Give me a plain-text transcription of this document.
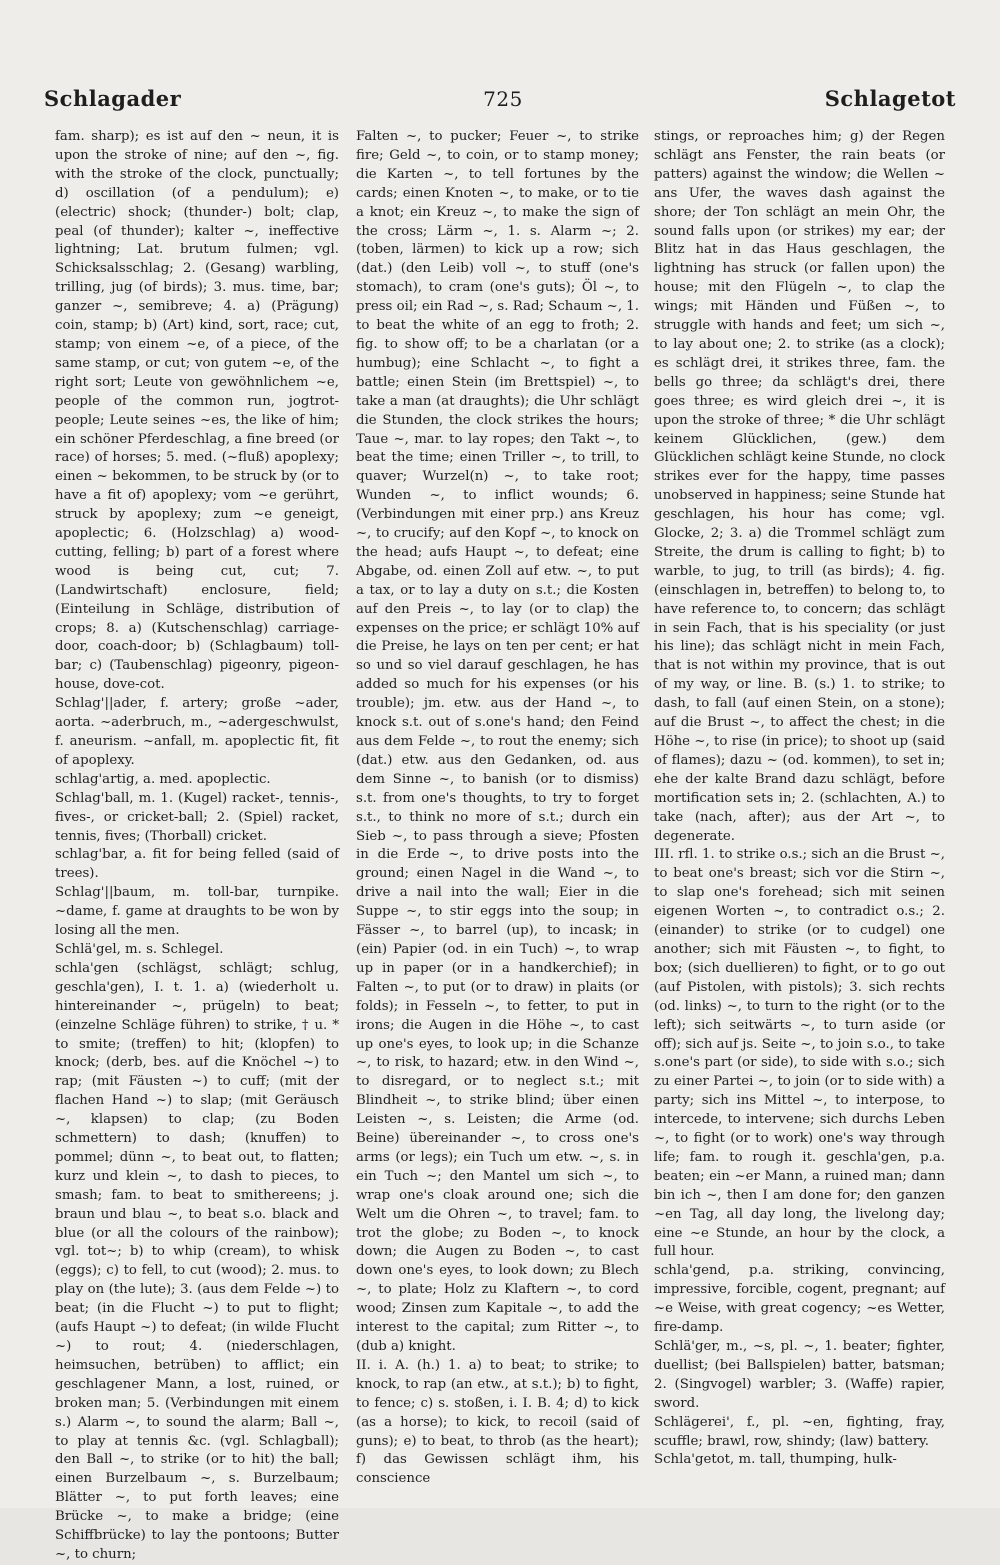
Schlagader	725	Schlagetot

fam. sharp); es ist auf den ~ neun, it is upon the stroke of nine; auf den ~, fig. with the stroke of the clock, punctually; d) oscillation (of a pendulum); e) (electric) shock; (thunder-) bolt; clap, peal (of thunder); kalter ~, ineffective lightning; Lat. brutum fulmen; vgl. Schicksalsschlag; 2. (Gesang) warbling, trilling, jug (of birds); 3. mus. time, bar; ganzer ~, semibreve; 4. a) (Prägung) coin, stamp; b) (Art) kind, sort, race; cut, stamp; von einem ~e, of a piece, of the same stamp, or cut; von gutem ~e, of the right sort; Leute von gewöhnlichem ~e, people of the common run, jogtrot-people; Leute seines ~es, the like of him; ein schöner Pferdeschlag, a fine breed (or race) of horses; 5. med. (~fluß) apoplexy; einen ~ bekommen, to be struck by (or to have a fit of) apoplexy; vom ~e gerührt, struck by apoplexy; zum ~e geneigt, apoplectic; 6. (Holzschlag) a) wood-cutting, felling; b) part of a forest where wood is being cut, cut; 7. (Landwirtschaft) enclosure, field; (Einteilung in Schläge, distribution of crops; 8. a) (Kutschenschlag) carriage-door, coach-door; b) (Schlagbaum) toll-bar; c) (Taubenschlag) pigeonry, pigeon-house, dove-cot.

Schlag'||ader, f. artery; große ~ader, aorta. ~aderbruch, m., ~adergeschwulst, f. aneurism. ~anfall, m. apoplectic fit, fit of apoplexy.

schlag'artig, a. med. apoplectic.

Schlag'ball, m. 1. (Kugel) racket-, tennis-, fives-, or cricket-ball; 2. (Spiel) racket, tennis, fives; (Thorball) cricket.

schlag'bar, a. fit for being felled (said of trees).

Schlag'||baum, m. toll-bar, turnpike. ~dame, f. game at draughts to be won by losing all the men.

Schlä'gel, m. s. Schlegel.

schla'gen (schlägst, schlägt; schlug, geschla'gen), I. t. 1. a) (wiederholt u. hintereinander ~, prügeln) to beat; (einzelne Schläge führen) to strike, † u. * to smite; (treffen) to hit; (klopfen) to knock; (derb, bes. auf die Knöchel ~) to rap; (mit Fäusten ~) to cuff; (mit der flachen Hand ~) to slap; (mit Geräusch ~, klapsen) to clap; (zu Boden schmettern) to dash; (knuffen) to pommel; dünn ~, to beat out, to flatten; kurz und klein ~, to dash to pieces, to smash; fam. to beat to smithereens; j. braun und blau ~, to beat s.o. black and blue (or all the colours of the rainbow); vgl. tot~; b) to whip (cream), to whisk (eggs); c) to fell, to cut (wood); 2. mus. to play on (the lute); 3. (aus dem Felde ~) to beat; (in die Flucht ~) to put to flight; (aufs Haupt ~) to defeat; (in wilde Flucht ~) to rout; 4. (niederschlagen, heimsuchen, betrüben) to afflict; ein geschlagener Mann, a lost, ruined, or broken man; 5. (Verbindungen mit einem s.) Alarm ~, to sound the alarm; Ball ~, to play at tennis &c. (vgl. Schlagball); den Ball ~, to strike (or to hit) the ball; einen Burzelbaum ~, s. Burzelbaum; Blätter ~, to put forth leaves; eine Brücke ~, to make a bridge; (eine Schiffbrücke) to lay the pontoons; Butter ~, to churn;

Falten ~, to pucker; Feuer ~, to strike fire; Geld ~, to coin, or to stamp money; die Karten ~, to tell fortunes by the cards; einen Knoten ~, to make, or to tie a knot; ein Kreuz ~, to make the sign of the cross; Lärm ~, 1. s. Alarm ~; 2. (toben, lärmen) to kick up a row; sich (dat.) (den Leib) voll ~, to stuff (one's stomach), to cram (one's guts); Öl ~, to press oil; ein Rad ~, s. Rad; Schaum ~, 1. to beat the white of an egg to froth; 2. fig. to show off; to be a charlatan (or a humbug); eine Schlacht ~, to fight a battle; einen Stein (im Brettspiel) ~, to take a man (at draughts); die Uhr schlägt die Stunden, the clock strikes the hours; Taue ~, mar. to lay ropes; den Takt ~, to beat the time; einen Triller ~, to trill, to quaver; Wurzel(n) ~, to take root; Wunden ~, to inflict wounds; 6. (Verbindungen mit einer prp.) ans Kreuz ~, to crucify; auf den Kopf ~, to knock on the head; aufs Haupt ~, to defeat; eine Abgabe, od. einen Zoll auf etw. ~, to put a tax, or to lay a duty on s.t.; die Kosten auf den Preis ~, to lay (or to clap) the expenses on the price; er schlägt 10% auf die Preise, he lays on ten per cent; er hat so und so viel darauf geschlagen, he has added so much for his expenses (or his trouble); jm. etw. aus der Hand ~, to knock s.t. out of s.one's hand; den Feind aus dem Felde ~, to rout the enemy; sich (dat.) etw. aus den Gedanken, od. aus dem Sinne ~, to banish (or to dismiss) s.t. from one's thoughts, to try to forget s.t., to think no more of s.t.; durch ein Sieb ~, to pass through a sieve; Pfosten in die Erde ~, to drive posts into the ground; einen Nagel in die Wand ~, to drive a nail into the wall; Eier in die Suppe ~, to stir eggs into the soup; in Fässer ~, to barrel (up), to incask; in (ein) Papier (od. in ein Tuch) ~, to wrap up in paper (or in a handkerchief); in Falten ~, to put (or to draw) in plaits (or folds); in Fesseln ~, to fetter, to put in irons; die Augen in die Höhe ~, to cast up one's eyes, to look up; in die Schanze ~, to risk, to hazard; etw. in den Wind ~, to disregard, or to neglect s.t.; mit Blindheit ~, to strike blind; über einen Leisten ~, s. Leisten; die Arme (od. Beine) übereinander ~, to cross one's arms (or legs); ein Tuch um etw. ~, s. in ein Tuch ~; den Mantel um sich ~, to wrap one's cloak around one; sich die Welt um die Ohren ~, to travel; fam. to trot the globe; zu Boden ~, to knock down; die Augen zu Boden ~, to cast down one's eyes, to look down; zu Blech ~, to plate; Holz zu Klaftern ~, to cord wood; Zinsen zum Kapitale ~, to add the interest to the capital; zum Ritter ~, to (dub a) knight.

II. i. A. (h.) 1. a) to beat; to strike; to knock, to rap (an etw., at s.t.); b) to fight, to fence; c) s. stoßen, i. I. B. 4; d) to kick (as a horse); to kick, to recoil (said of guns); e) to beat, to throb (as the heart); f) das Gewissen schlägt ihm, his conscience

stings, or reproaches him; g) der Regen schlägt ans Fenster, the rain beats (or patters) against the window; die Wellen ~ ans Ufer, the waves dash against the shore; der Ton schlägt an mein Ohr, the sound falls upon (or strikes) my ear; der Blitz hat in das Haus geschlagen, the lightning has struck (or fallen upon) the house; mit den Flügeln ~, to clap the wings; mit Händen und Füßen ~, to struggle with hands and feet; um sich ~, to lay about one; 2. to strike (as a clock); es schlägt drei, it strikes three, fam. the bells go three; da schlägt's drei, there goes three; es wird gleich drei ~, it is upon the stroke of three; * die Uhr schlägt keinem Glücklichen, (gew.) dem Glücklichen schlägt keine Stunde, no clock strikes ever for the happy, time passes unobserved in happiness; seine Stunde hat geschlagen, his hour has come; vgl. Glocke, 2; 3. a) die Trommel schlägt zum Streite, the drum is calling to fight; b) to warble, to jug, to trill (as birds); 4. fig. (einschlagen in, betreffen) to belong to, to have reference to, to concern; das schlägt in sein Fach, that is his speciality (or just his line); das schlägt nicht in mein Fach, that is not within my province, that is out of my way, or line. B. (s.) 1. to strike; to dash, to fall (auf einen Stein, on a stone); auf die Brust ~, to affect the chest; in die Höhe ~, to rise (in price); to shoot up (said of flames); dazu ~ (od. kommen), to set in; ehe der kalte Brand dazu schlägt, before mortification sets in; 2. (schlachten, A.) to take (nach, after); aus der Art ~, to degenerate.

III. rfl. 1. to strike o.s.; sich an die Brust ~, to beat one's breast; sich vor die Stirn ~, to slap one's forehead; sich mit seinen eigenen Worten ~, to contradict o.s.; 2. (einander) to strike (or to cudgel) one another; sich mit Fäusten ~, to fight, to box; (sich duellieren) to fight, or to go out (auf Pistolen, with pistols); 3. sich rechts (od. links) ~, to turn to the right (or to the left); sich seitwärts ~, to turn aside (or off); sich auf js. Seite ~, to join s.o., to take s.one's part (or side), to side with s.o.; sich zu einer Partei ~, to join (or to side with) a party; sich ins Mittel ~, to interpose, to intercede, to intervene; sich durchs Leben ~, to fight (or to work) one's way through life; fam. to rough it. geschla'gen, p.a. beaten; ein ~er Mann, a ruined man; dann bin ich ~, then I am done for; den ganzen ~en Tag, all day long, the livelong day; eine ~e Stunde, an hour by the clock, a full hour.

schla'gend, p.a. striking, convincing, impressive, forcible, cogent, pregnant; auf ~e Weise, with great cogency; ~es Wetter, fire-damp.

Schlä'ger, m., ~s, pl. ~, 1. beater; fighter, duellist; (bei Ballspielen) batter, batsman; 2. (Singvogel) warbler; 3. (Waffe) rapier, sword.

Schlägerei', f., pl. ~en, fighting, fray, scuffle; brawl, row, shindy; (law) battery.

Schla'getot, m. tall, thumping, hulk-
